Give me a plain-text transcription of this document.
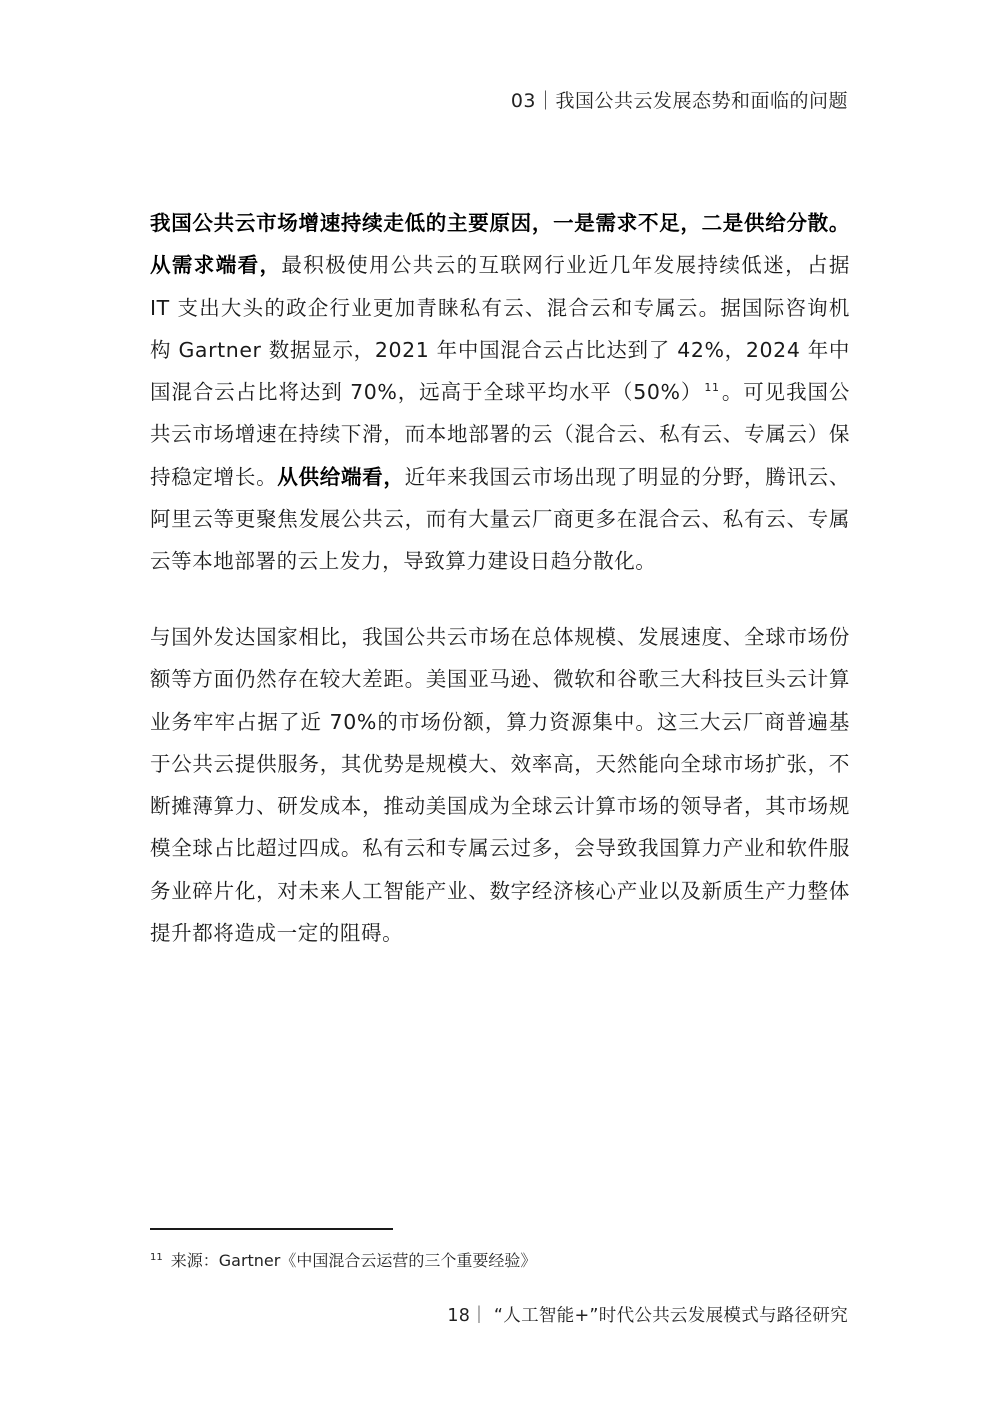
03｜我国公共云发展态势和面临的问题

我国公共云市场增速持续走低的主要原因，一是需求不足，二是供给分散。从需求端看，最积极使用公共云的互联网行业近几年发展持续低迷，占据 IT 支出大头的政企行业更加青睐私有云、混合云和专属云。据国际咨询机构 Gartner 数据显示，2021 年中国混合云占比达到了 42%，2024 年中国混合云占比将达到 70%，远高于全球平均水平（50%） $^{11}$。可见我国公共云市场增速在持续下滑，而本地部署的云（混合云、私有云、专属云）保持稳定增长。从供给端看，近年来我国云市场出现了明显的分野，腾讯云、阿里云等更聚焦发展公共云，而有大量云厂商更多在混合云、私有云、专属云等本地部署的云上发力，导致算力建设日趋分散化。

与国外发达国家相比，我国公共云市场在总体规模、发展速度、全球市场份额等方面仍然存在较大差距。美国亚马逊、微软和谷歌三大科技巨头云计算业务牢牢占据了近 70%的市场份额，算力资源集中。这三大云厂商普遍基于公共云提供服务，其优势是规模大、效率高，天然能向全球市场扩张，不断摊薄算力、研发成本，推动美国成为全球云计算市场的领导者，其市场规模全球占比超过四成。私有云和专属云过多，会导致我国算力产业和软件服务业碎片化，对未来人工智能产业、数字经济核心产业以及新质生产力整体提升都将造成一定的阻碍。

$^{11}$ 来源：Gartner《中国混合云运营的三个重要经验》
18｜ “人工智能+”时代公共云发展模式与路径研究
